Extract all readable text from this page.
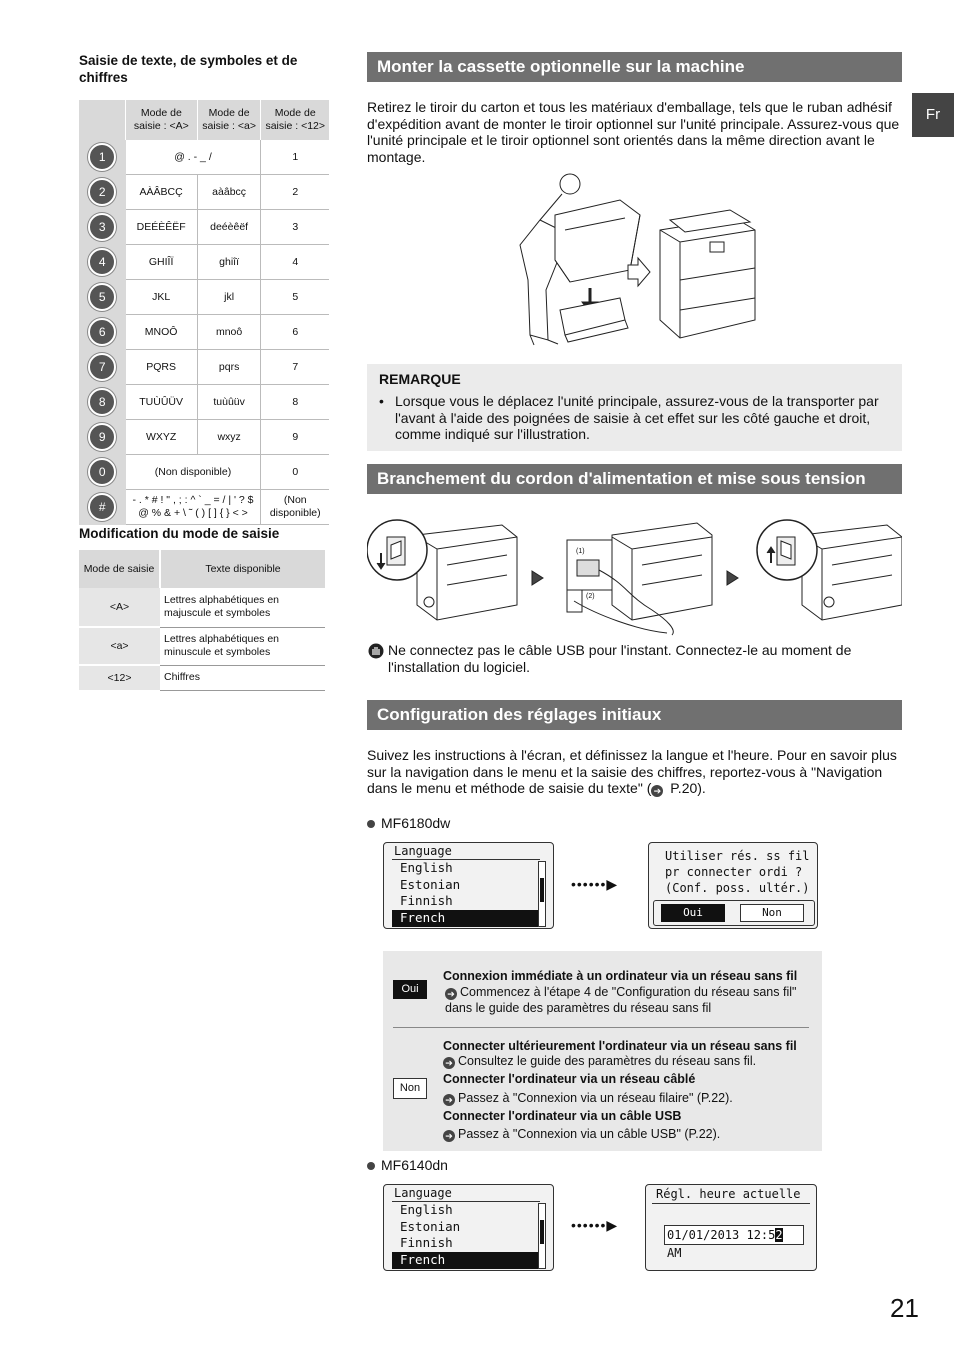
Saisie de texte, de symboles et de chiffres
	Mode de saisie : <A>	Mode de saisie : <a>	Mode de saisie : <12>
1	@ . - _ /		1
2	AÀÂBCÇ	aàâbcç	2
3	DEÉÈÊËF	deéèêëf	3
4	GHIÎÏ	ghiîï	4
5	JKL	jkl	5
6	MNOÔ	mnoô	6
7	PQRS	pqrs	7
8	TUÙÛÜV	tuùûüv	8
9	WXYZ	wxyz	9
0	(Non disponible)		0
#	- . * # ! " , ; : ^ ` _ = / | ' ? $ @ % & + \ ˜ ( ) [ ] { } < >		(Non disponible)
Modification du mode de saisie
Mode de saisie	Texte disponible
<A>	Lettres alphabétiques en majuscule et symboles
<a>	Lettres alphabétiques en minuscule et symboles
<12>	Chiffres
Fr
Monter la cassette optionnelle sur la machine
Retirez le tiroir du carton et tous les matériaux d'emballage, tels que le ruban adhésif d'expédition avant de monter le tiroir optionnel sur l'unité principale. Assurez-vous que l'unité principale et le tiroir optionnel sont orientés dans la même direction avant le montage.
REMARQUE
• Lorsque vous le déplacez l'unité principale, assurez-vous de la transporter par l'avant à l'aide des poignées de saisie à cet effet sur les côté gauche et droit, comme indiqué sur l'illustration.
Branchement du cordon d'alimentation et mise sous tension
(1)
(2)
Ne connectez pas le câble USB pour l'instant. Connectez-le au moment de l'installation du logiciel.
Configuration des réglages initiaux
Suivez les instructions à l'écran, et définissez la langue et l'heure. Pour en savoir plus sur la navigation dans le menu et la saisie des chiffres, reportez-vous à "Navigation dans le menu et méthode de saisie du texte" ( ➔ P.20).
MF6180dw
Language
English
Estonian
Finnish
French
••••••▶
Utiliser rés. ss fil
pr connecter ordi ?
(Conf. poss. ultér.)
Oui	Non
Oui
Connexion immédiate à un ordinateur via un réseau sans fil
➔ Commencez à l'étape 4 de "Configuration du réseau sans fil" dans le guide des paramètres du réseau sans fil
Non
Connecter ultérieurement l'ordinateur via un réseau sans fil
➔ Consultez le guide des paramètres du réseau sans fil.
Connecter l'ordinateur via un réseau câblé
➔ Passez à "Connexion via un réseau filaire" (P.22).
Connecter l'ordinateur via un câble USB
➔ Passez à "Connexion via un câble USB" (P.22).
MF6140dn
Language
English
Estonian
Finnish
French
••••••▶
Régl. heure actuelle
01/01/2013 12:52 AM
21
